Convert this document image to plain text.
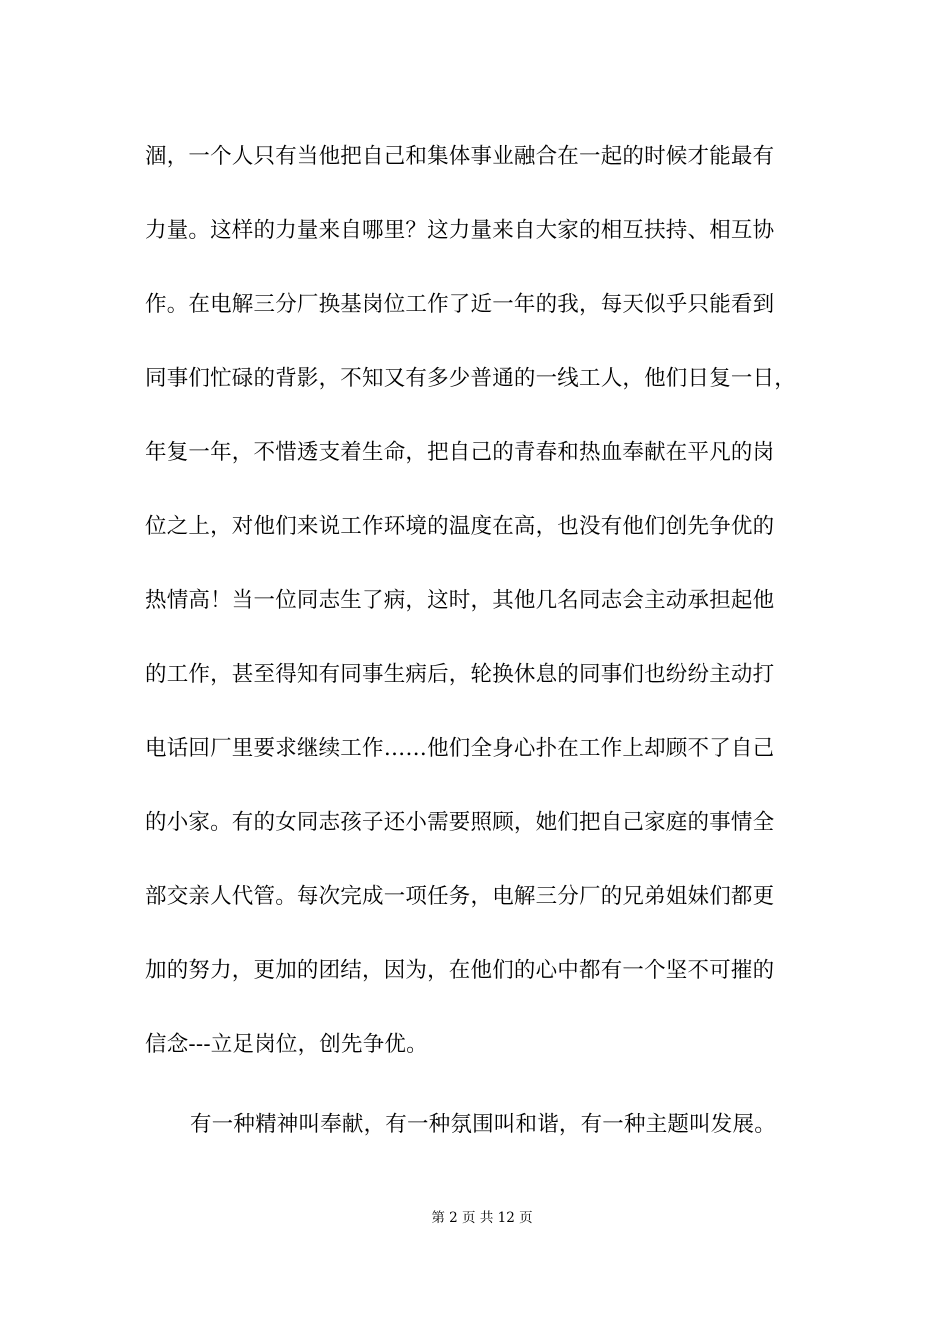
涸，一个人只有当他把自己和集体事业融合在一起的时候才能最有
力量。这样的力量来自哪里？这力量来自大家的相互扶持、相互协
作。在电解三分厂换基岗位工作了近一年的我，每天似乎只能看到
同事们忙碌的背影，不知又有多少普通的一线工人，他们日复一日，
年复一年，不惜透支着生命，把自己的青春和热血奉献在平凡的岗
位之上，对他们来说工作环境的温度在高，也没有他们创先争优的
热情高！当一位同志生了病，这时，其他几名同志会主动承担起他
的工作，甚至得知有同事生病后，轮换休息的同事们也纷纷主动打
电话回厂里要求继续工作……他们全身心扑在工作上却顾不了自己
的小家。有的女同志孩子还小需要照顾，她们把自己家庭的事情全
部交亲人代管。每次完成一项任务，电解三分厂的兄弟姐妹们都更
加的努力，更加的团结，因为，在他们的心中都有一个坚不可摧的
信念---立足岗位，创先争优。
有一种精神叫奉献，有一种氛围叫和谐，有一种主题叫发展。
第 2 页 共 12 页
